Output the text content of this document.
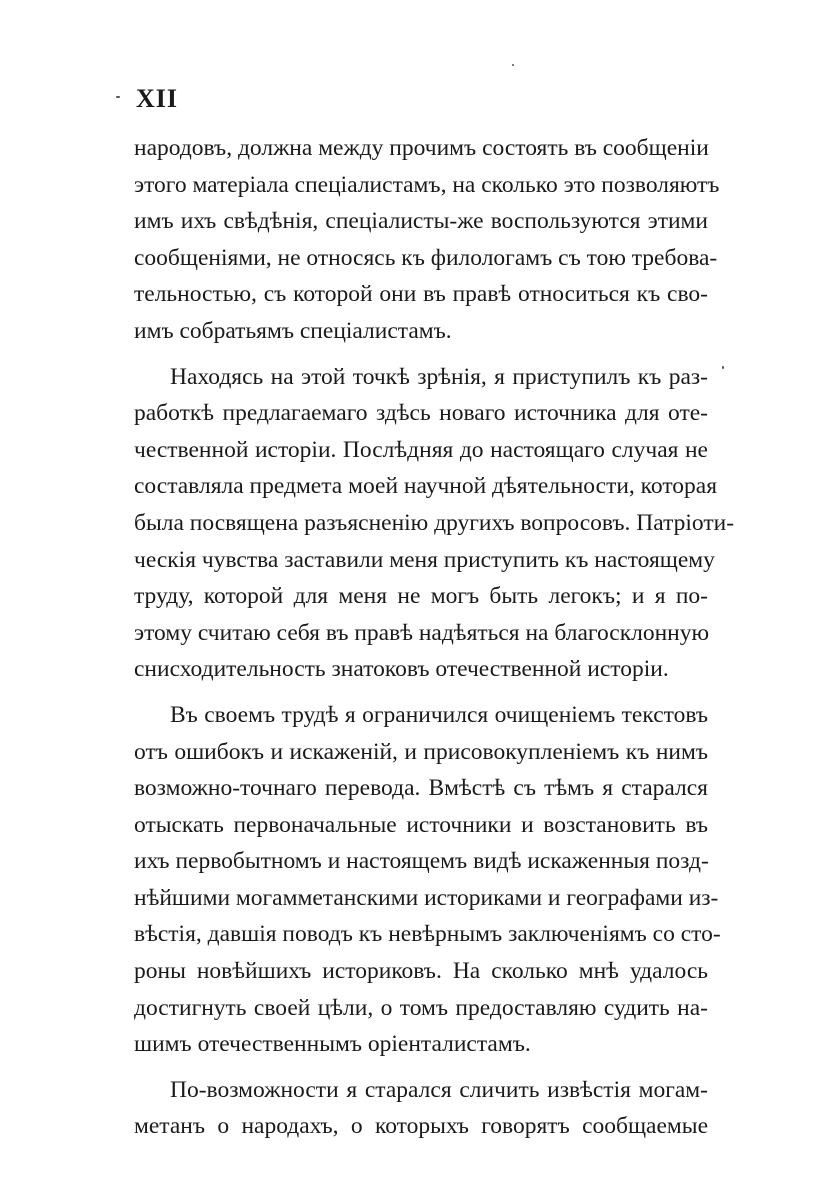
XII
народовъ, должна между прочимъ состоять въ сообщеніи
этого матеріала спеціалистамъ, на сколько это позволяютъ
имъ ихъ свѣдѣнія, спеціалисты-же воспользуются этими
сообщеніями, не относясь къ филологамъ съ тою требова-
тельностью, съ которой они въ правѣ относиться къ сво-
имъ собратьямъ спеціалистамъ.
Находясь на этой точкѣ зрѣнія, я приступилъ къ раз-
работкѣ предлагаемаго здѣсь новаго источника для оте-
чественной исторіи. Послѣдняя до настоящаго случая не
составляла предмета моей научной дѣятельности, которая
была посвящена разъясненію другихъ вопросовъ. Патріоти-
ческія чувства заставили меня приступить къ настоящему
труду, которой для меня не могъ быть легокъ; и я по-
этому считаю себя въ правѣ надѣяться на благосклонную
снисходительность знатоковъ отечественной исторіи.
Въ своемъ трудѣ я ограничился очищеніемъ текстовъ
отъ ошибокъ и искаженій, и присовокупленіемъ къ нимъ
возможно-точнаго перевода. Вмѣстѣ съ тѣмъ я старался
отыскать первоначальные источники и возстановить въ
ихъ первобытномъ и настоящемъ видѣ искаженныя позд-
нѣйшими могамметанскими историками и географами из-
вѣстія, давшія поводъ къ невѣрнымъ заключеніямъ со сто-
роны новѣйшихъ историковъ. На сколько мнѣ удалось
достигнуть своей цѣли, о томъ предоставляю судить на-
шимъ отечественнымъ оріенталистамъ.
По-возможности я старался сличить извѣстія могам-
метанъ о народахъ, о которыхъ говорятъ сообщаемые
